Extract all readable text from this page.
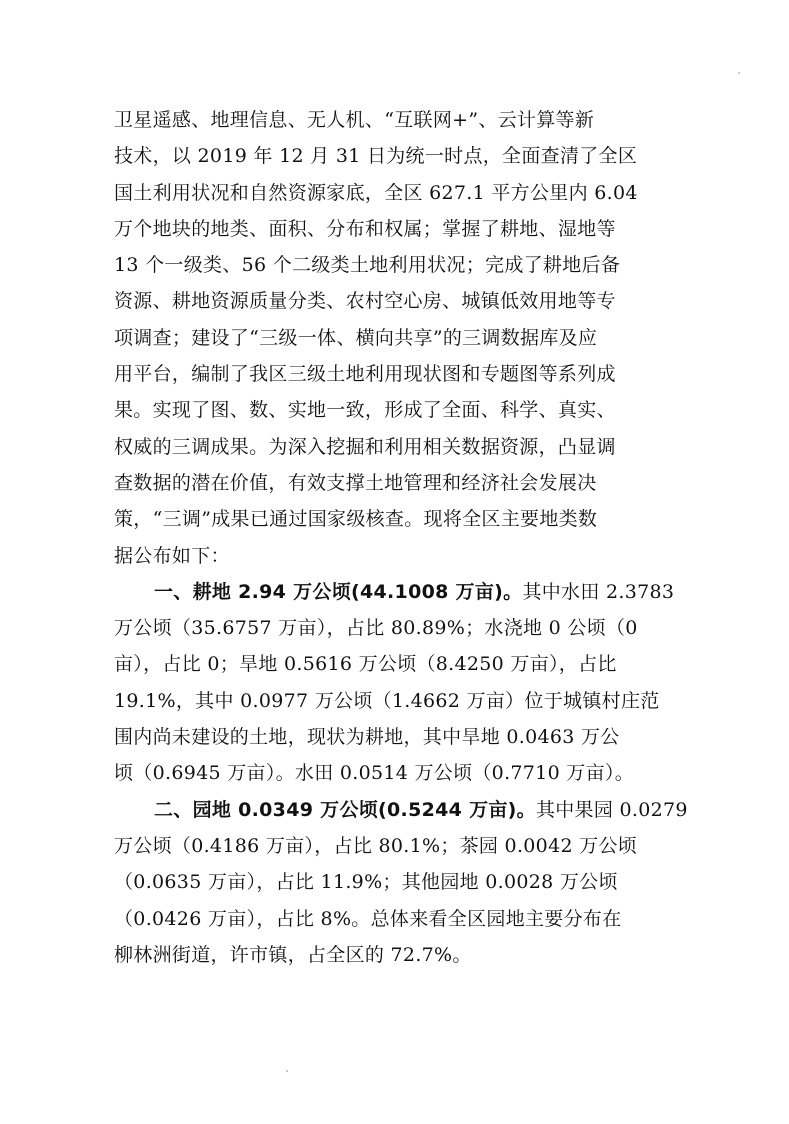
卫星遥感、地理信息、无人机、“互联网+”、云计算等新
技术，以 2019 年 12 月 31 日为统一时点，全面查清了全区
国土利用状况和自然资源家底，全区 627.1 平方公里内 6.04
万个地块的地类、面积、分布和权属；掌握了耕地、湿地等
13 个一级类、56 个二级类土地利用状况；完成了耕地后备
资源、耕地资源质量分类、农村空心房、城镇低效用地等专
项调查；建设了“三级一体、横向共享”的三调数据库及应
用平台，编制了我区三级土地利用现状图和专题图等系列成
果。实现了图、数、实地一致，形成了全面、科学、真实、
权威的三调成果。为深入挖掘和利用相关数据资源，凸显调
查数据的潜在价值，有效支撑土地管理和经济社会发展决
策，“三调”成果已通过国家级核查。现将全区主要地类数
据公布如下：
一、耕地 2.94 万公顷(44.1008 万亩)。其中水田 2.3783
万公顷（35.6757 万亩），占比 80.89%；水浇地 0 公顷（0
亩），占比 0；旱地 0.5616 万公顷（8.4250 万亩），占比
19.1%，其中 0.0977 万公顷（1.4662 万亩）位于城镇村庄范
围内尚未建设的土地，现状为耕地，其中旱地 0.0463 万公
顷（0.6945 万亩）。水田 0.0514 万公顷（0.7710 万亩）。
二、园地 0.0349 万公顷(0.5244 万亩)。其中果园 0.0279
万公顷（0.4186 万亩），占比 80.1%；茶园 0.0042 万公顷
（0.0635 万亩），占比 11.9%；其他园地 0.0028 万公顷
（0.0426 万亩），占比 8%。总体来看全区园地主要分布在
柳林洲街道，许市镇，占全区的 72.7%。
